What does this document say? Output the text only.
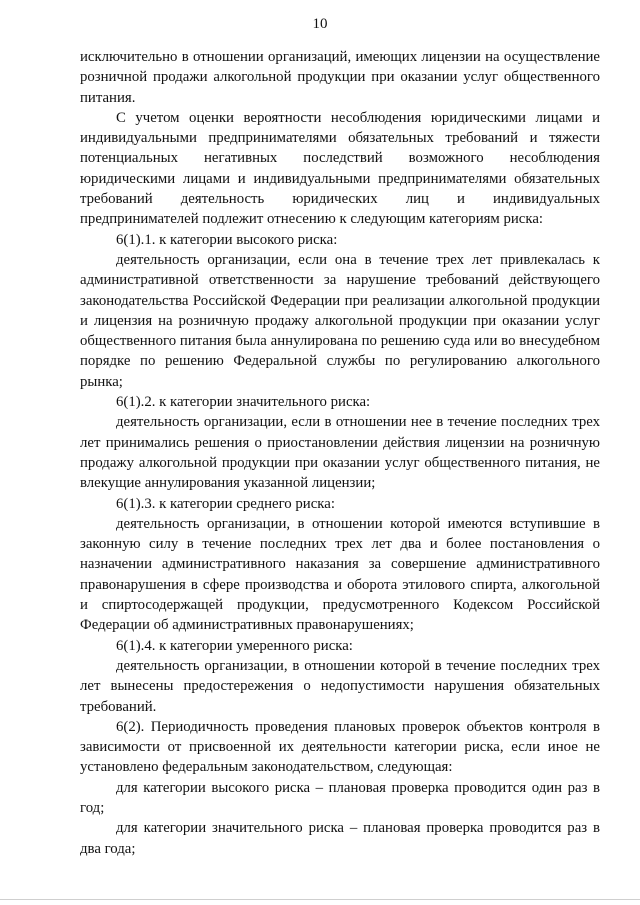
10

исключительно в отношении организаций, имеющих лицензии на осуществление розничной продажи алкогольной продукции при оказании услуг общественного питания.

С учетом оценки вероятности несоблюдения юридическими лицами и индивидуальными предпринимателями обязательных требований и тяжести потенциальных негативных последствий возможного несоблюдения юридическими лицами и индивидуальными предпринимателями обязательных требований деятельность юридических лиц и индивидуальных предпринимателей подлежит отнесению к следующим категориям риска:

6(1).1. к категории высокого риска:

деятельность организации, если она в течение трех лет привлекалась к административной ответственности за нарушение требований действующего законодательства Российской Федерации при реализации алкогольной продукции и лицензия на розничную продажу алкогольной продукции при оказании услуг общественного питания была аннулирована по решению суда или во внесудебном порядке по решению Федеральной службы по регулированию алкогольного рынка;

6(1).2. к категории значительного риска:

деятельность организации, если в отношении нее в течение последних трех лет принимались решения о приостановлении действия лицензии на розничную продажу алкогольной продукции при оказании услуг общественного питания, не влекущие аннулирования указанной лицензии;

6(1).3. к категории среднего риска:

деятельность организации, в отношении которой имеются вступившие в законную силу в течение последних трех лет два и более постановления о назначении административного наказания за совершение административного правонарушения в сфере производства и оборота этилового спирта, алкогольной и спиртосодержащей продукции, предусмотренного Кодексом Российской Федерации об административных правонарушениях;

6(1).4. к категории умеренного риска:

деятельность организации, в отношении которой в течение последних трех лет вынесены предостережения о недопустимости нарушения обязательных требований.

6(2). Периодичность проведения плановых проверок объектов контроля в зависимости от присвоенной их деятельности категории риска, если иное не установлено федеральным законодательством, следующая:

для категории высокого риска – плановая проверка проводится один раз в год;

для категории значительного риска – плановая проверка проводится раз в два года;
